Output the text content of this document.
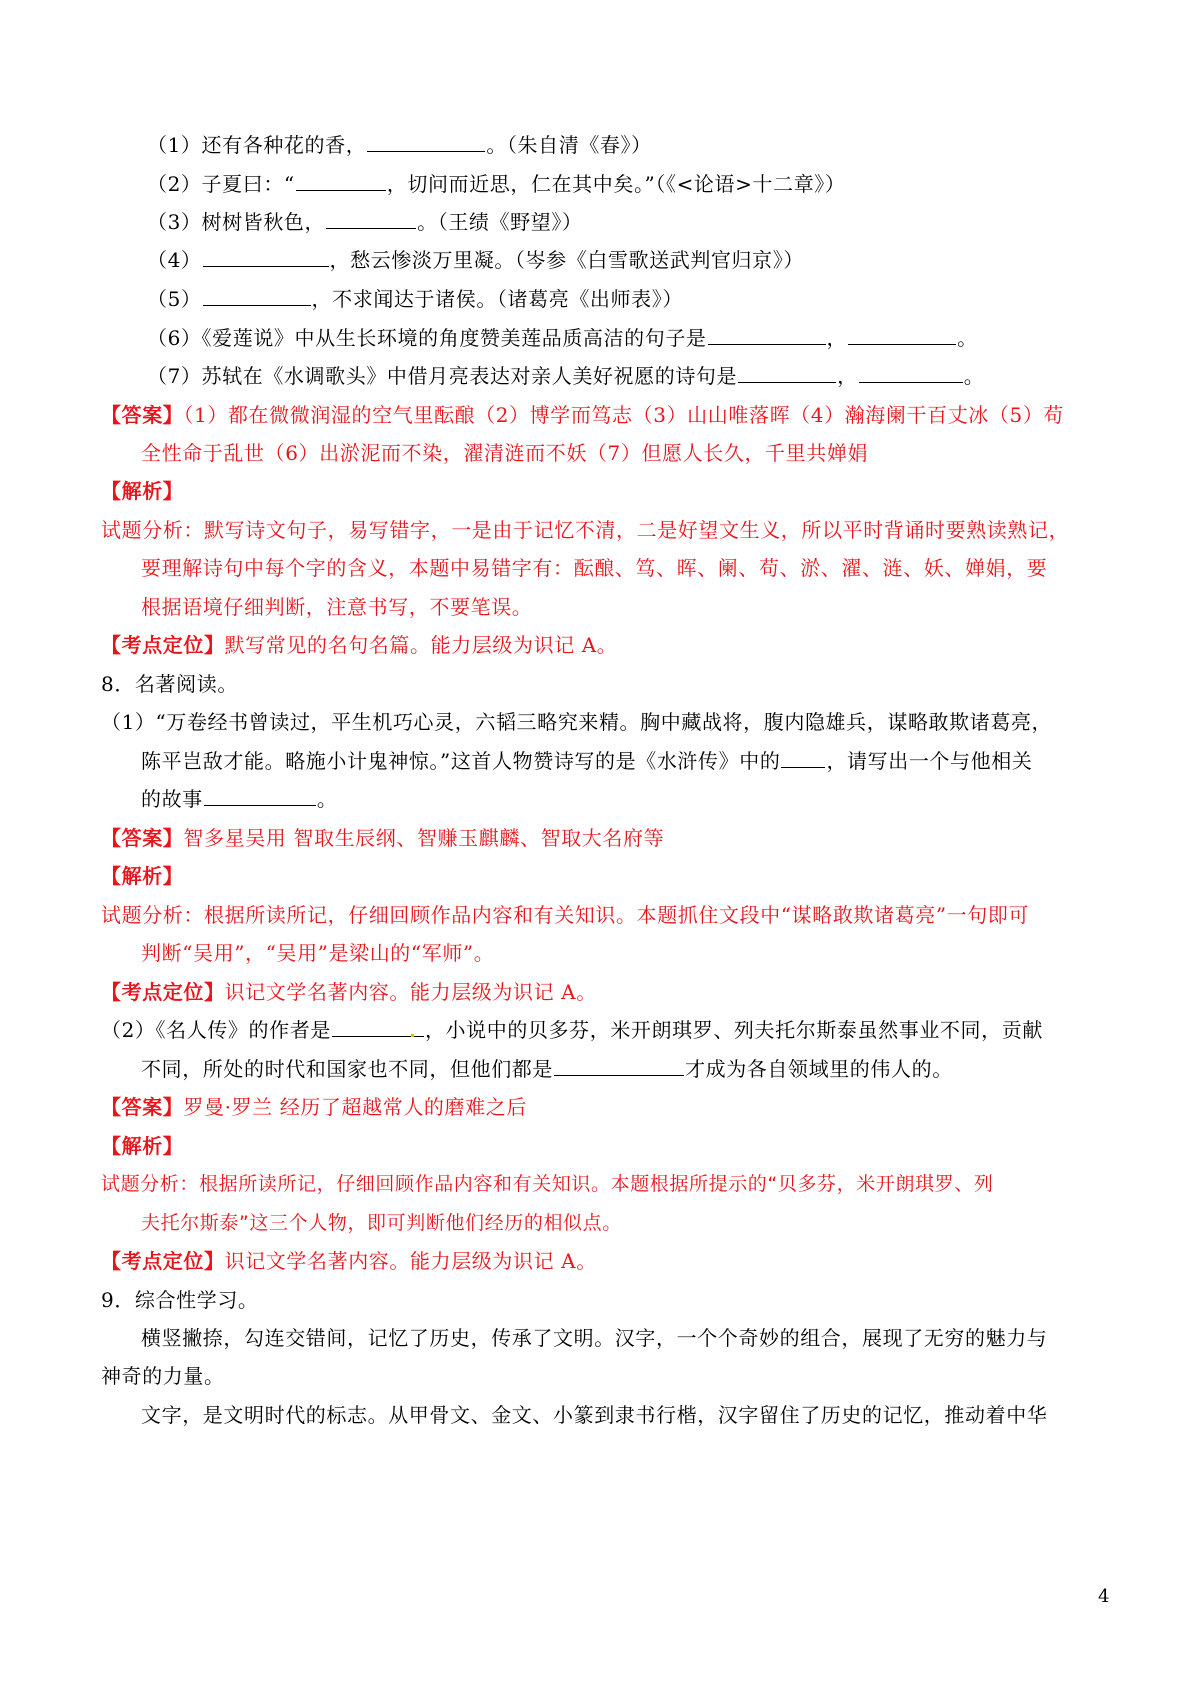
（1）还有各种花的香，	。（朱自清《春》）
（2）子夏曰：“	，切问而近思，仁在其中矣。”（《<论语>十二章》）
（3）树树皆秋色，	。（王绩《野望》）
（4）	，愁云惨淡万里凝。（岑参《白雪歌送武判官归京》）
（5）	，不求闻达于诸侯。（诸葛亮《出师表》）
（6）《爱莲说》中从生长环境的角度赞美莲品质高洁的句子是	，	。
（7）苏轼在《水调歌头》中借月亮表达对亲人美好祝愿的诗句是	，	。
【答案】（1）都在微微润湿的空气里酝酿（2）博学而笃志（3）山山唯落晖（4）瀚海阑干百丈冰（5）苟
全性命于乱世（6）出淤泥而不染，濯清涟而不妖（7）但愿人长久，千里共婵娟
【解析】
试题分析：默写诗文句子，易写错字，一是由于记忆不清，二是好望文生义，所以平时背诵时要熟读熟记，
要理解诗句中每个字的含义，本题中易错字有：酝酿、笃、晖、阑、苟、淤、濯、涟、妖、婵娟，要
根据语境仔细判断，注意书写，不要笔误。
【考点定位】默写常见的名句名篇。能力层级为识记 A。
8．名著阅读。
（1）“万卷经书曾读过，平生机巧心灵，六韬三略究来精。胸中藏战将，腹内隐雄兵，谋略敢欺诸葛亮，
陈平岂敌才能。略施小计鬼神惊。”这首人物赞诗写的是《水浒传》中的 ，请写出一个与他相关
的故事	。
【答案】智多星吴用 智取生辰纲、智赚玉麒麟、智取大名府等
【解析】
试题分析：根据所读所记，仔细回顾作品内容和有关知识。本题抓住文段中“谋略敢欺诸葛亮”一句即可
判断“吴用”，“吴用”是梁山的“军师”。
【考点定位】识记文学名著内容。能力层级为识记 A。
（2）《名人传》的作者是	，小说中的贝多芬，米开朗琪罗、列夫托尔斯泰虽然事业不同，贡献
不同，所处的时代和国家也不同，但他们都是	才成为各自领域里的伟人的。
【答案】罗曼·罗兰 经历了超越常人的磨难之后
【解析】
试题分析：根据所读所记，仔细回顾作品内容和有关知识。本题根据所提示的“贝多芬，米开朗琪罗、列
夫托尔斯泰”这三个人物，即可判断他们经历的相似点。
【考点定位】识记文学名著内容。能力层级为识记 A。
9．综合性学习。
横竖撇捺，勾连交错间，记忆了历史，传承了文明。汉字，一个个奇妙的组合，展现了无穷的魅力与
神奇的力量。
文字，是文明时代的标志。从甲骨文、金文、小篆到隶书行楷，汉字留住了历史的记忆，推动着中华
4
